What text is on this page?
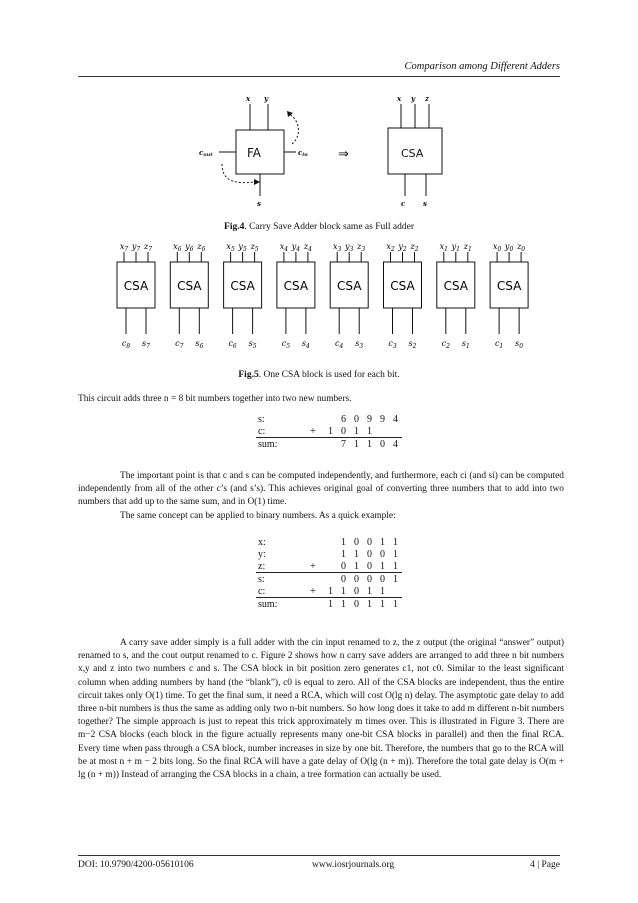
Comparison among Different Adders
x y
cout	cin
s
x y z
c	s
FA	CSA
⇒
Fig.4. Carry Save Adder block same as Full adder
CSA
$x_7$ $y_7$ $z_7$
$c_8$ $s_7$
CSA
$x_6$ $y_6$ $z_6$
$c_7$ $s_6$
CSA
$x_5$ $y_5$ $z_5$
$c_6$ $s_5$
CSA
$x_4$ $y_4$ $z_4$
$c_5$ $s_4$
CSA
$x_3$ $y_3$ $z_3$
$c_4$ $s_3$
CSA
$x_2$ $y_2$ $z_2$
$c_3$ $s_2$
CSA
$x_1$ $y_1$ $z_1$
$c_2$ $s_1$
CSA
$x_0$ $y_0$ $z_0$
$c_1$ $s_0$
Fig.5. One CSA block is used for each bit.

This circuit adds three n = 8 bit numbers together into two new numbers.

s:			6	0	9	9	4
c:	+	1	0	1	1		
sum:			7	1	1	0	4

The important point is that c and s can be computed independently, and furthermore, each ci (and si) can be computed independently from all of the other c’s (and s’s). This achieves original goal of converting three numbers that to add into two numbers that add up to the same sum, and in O(1) time.

The same concept can be applied to binary numbers. As a quick example:

x:			1	0	0	1	1
y:			1	1	0	0	1
z:	+		0	1	0	1	1
s:			0	0	0	0	1
c:	+	1	1	0	1	1	
sum:		1	1	0	1	1	1

A carry save adder simply is a full adder with the cin input renamed to z, the z output (the original “answer” output) renamed to s, and the cout output renamed to c. Figure 2 shows how n carry save adders are arranged to add three n bit numbers x,y and z into two numbers c and s. The CSA block in bit position zero generates c1, not c0. Similar to the least significant column when adding numbers by hand (the “blank”), c0 is equal to zero. All of the CSA blocks are independent, thus the entire circuit takes only O(1) time. To get the final sum, it need a RCA, which will cost O(lg n) delay. The asymptotic gate delay to add three n-bit numbers is thus the same as adding only two n-bit numbers. So how long does it take to add m different n-bit numbers together? The simple approach is just to repeat this trick approximately m times over. This is illustrated in Figure 3. There are m−2 CSA blocks (each block in the figure actually represents many one-bit CSA blocks in parallel) and then the final RCA. Every time when pass through a CSA block, number increases in size by one bit. Therefore, the numbers that go to the RCA will be at most n + m − 2 bits long. So the final RCA will have a gate delay of O(lg (n + m)). Therefore the total gate delay is O(m + lg (n + m)) Instead of arranging the CSA blocks in a chain, a tree formation can actually be used.

DOI: 10.9790/4200-05610106	www.iosrjournals.org	4 | Page
